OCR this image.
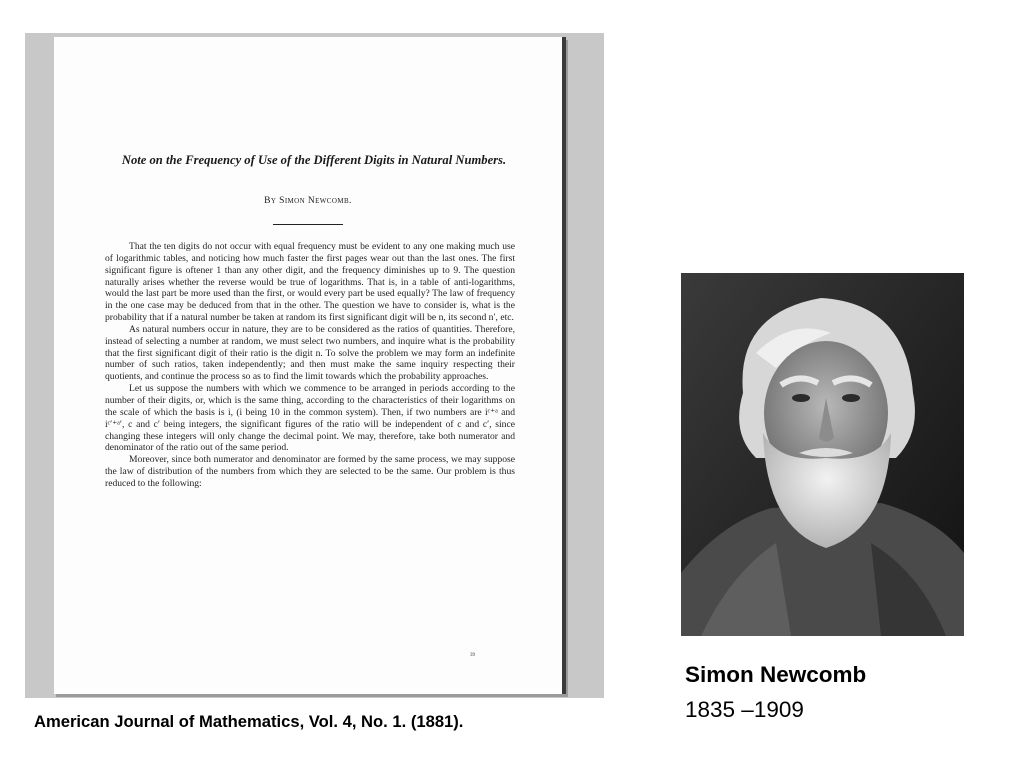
Note on the Frequency of Use of the Different Digits in Natural Numbers.
By Simon Newcomb.

That the ten digits do not occur with equal frequency must be evident to any one making much use of logarithmic tables, and noticing how much faster the first pages wear out than the last ones. The first significant figure is oftener 1 than any other digit, and the frequency diminishes up to 9. The question naturally arises whether the reverse would be true of logarithms. That is, in a table of anti-logarithms, would the last part be more used than the first, or would every part be used equally? The law of frequency in the one case may be deduced from that in the other. The question we have to consider is, what is the probability that if a natural number be taken at random its first significant digit will be n, its second n′, etc.

As natural numbers occur in nature, they are to be considered as the ratios of quantities. Therefore, instead of selecting a number at random, we must select two numbers, and inquire what is the probability that the first significant digit of their ratio is the digit n. To solve the problem we may form an indefinite number of such ratios, taken independently; and then must make the same inquiry respecting their quotients, and continue the process so as to find the limit towards which the probability approaches.

Let us suppose the numbers with which we commence to be arranged in periods according to the number of their digits, or, which is the same thing, according to the characteristics of their logarithms on the scale of which the basis is i, (i being 10 in the common system). Then, if two numbers are iᶜ⁺ᵃ and iᶜ′⁺ᵃ′, c and c′ being integers, the significant figures of the ratio will be independent of c and c′, since changing these integers will only change the decimal point. We may, therefore, take both numerator and denominator of the ratio out of the same period.

Moreover, since both numerator and denominator are formed by the same process, we may suppose the law of distribution of the numbers from which they are selected to be the same. Our problem is thus reduced to the following:

39
American Journal of Mathematics, Vol. 4, No. 1. (1881).
Simon Newcomb
1835 –1909
